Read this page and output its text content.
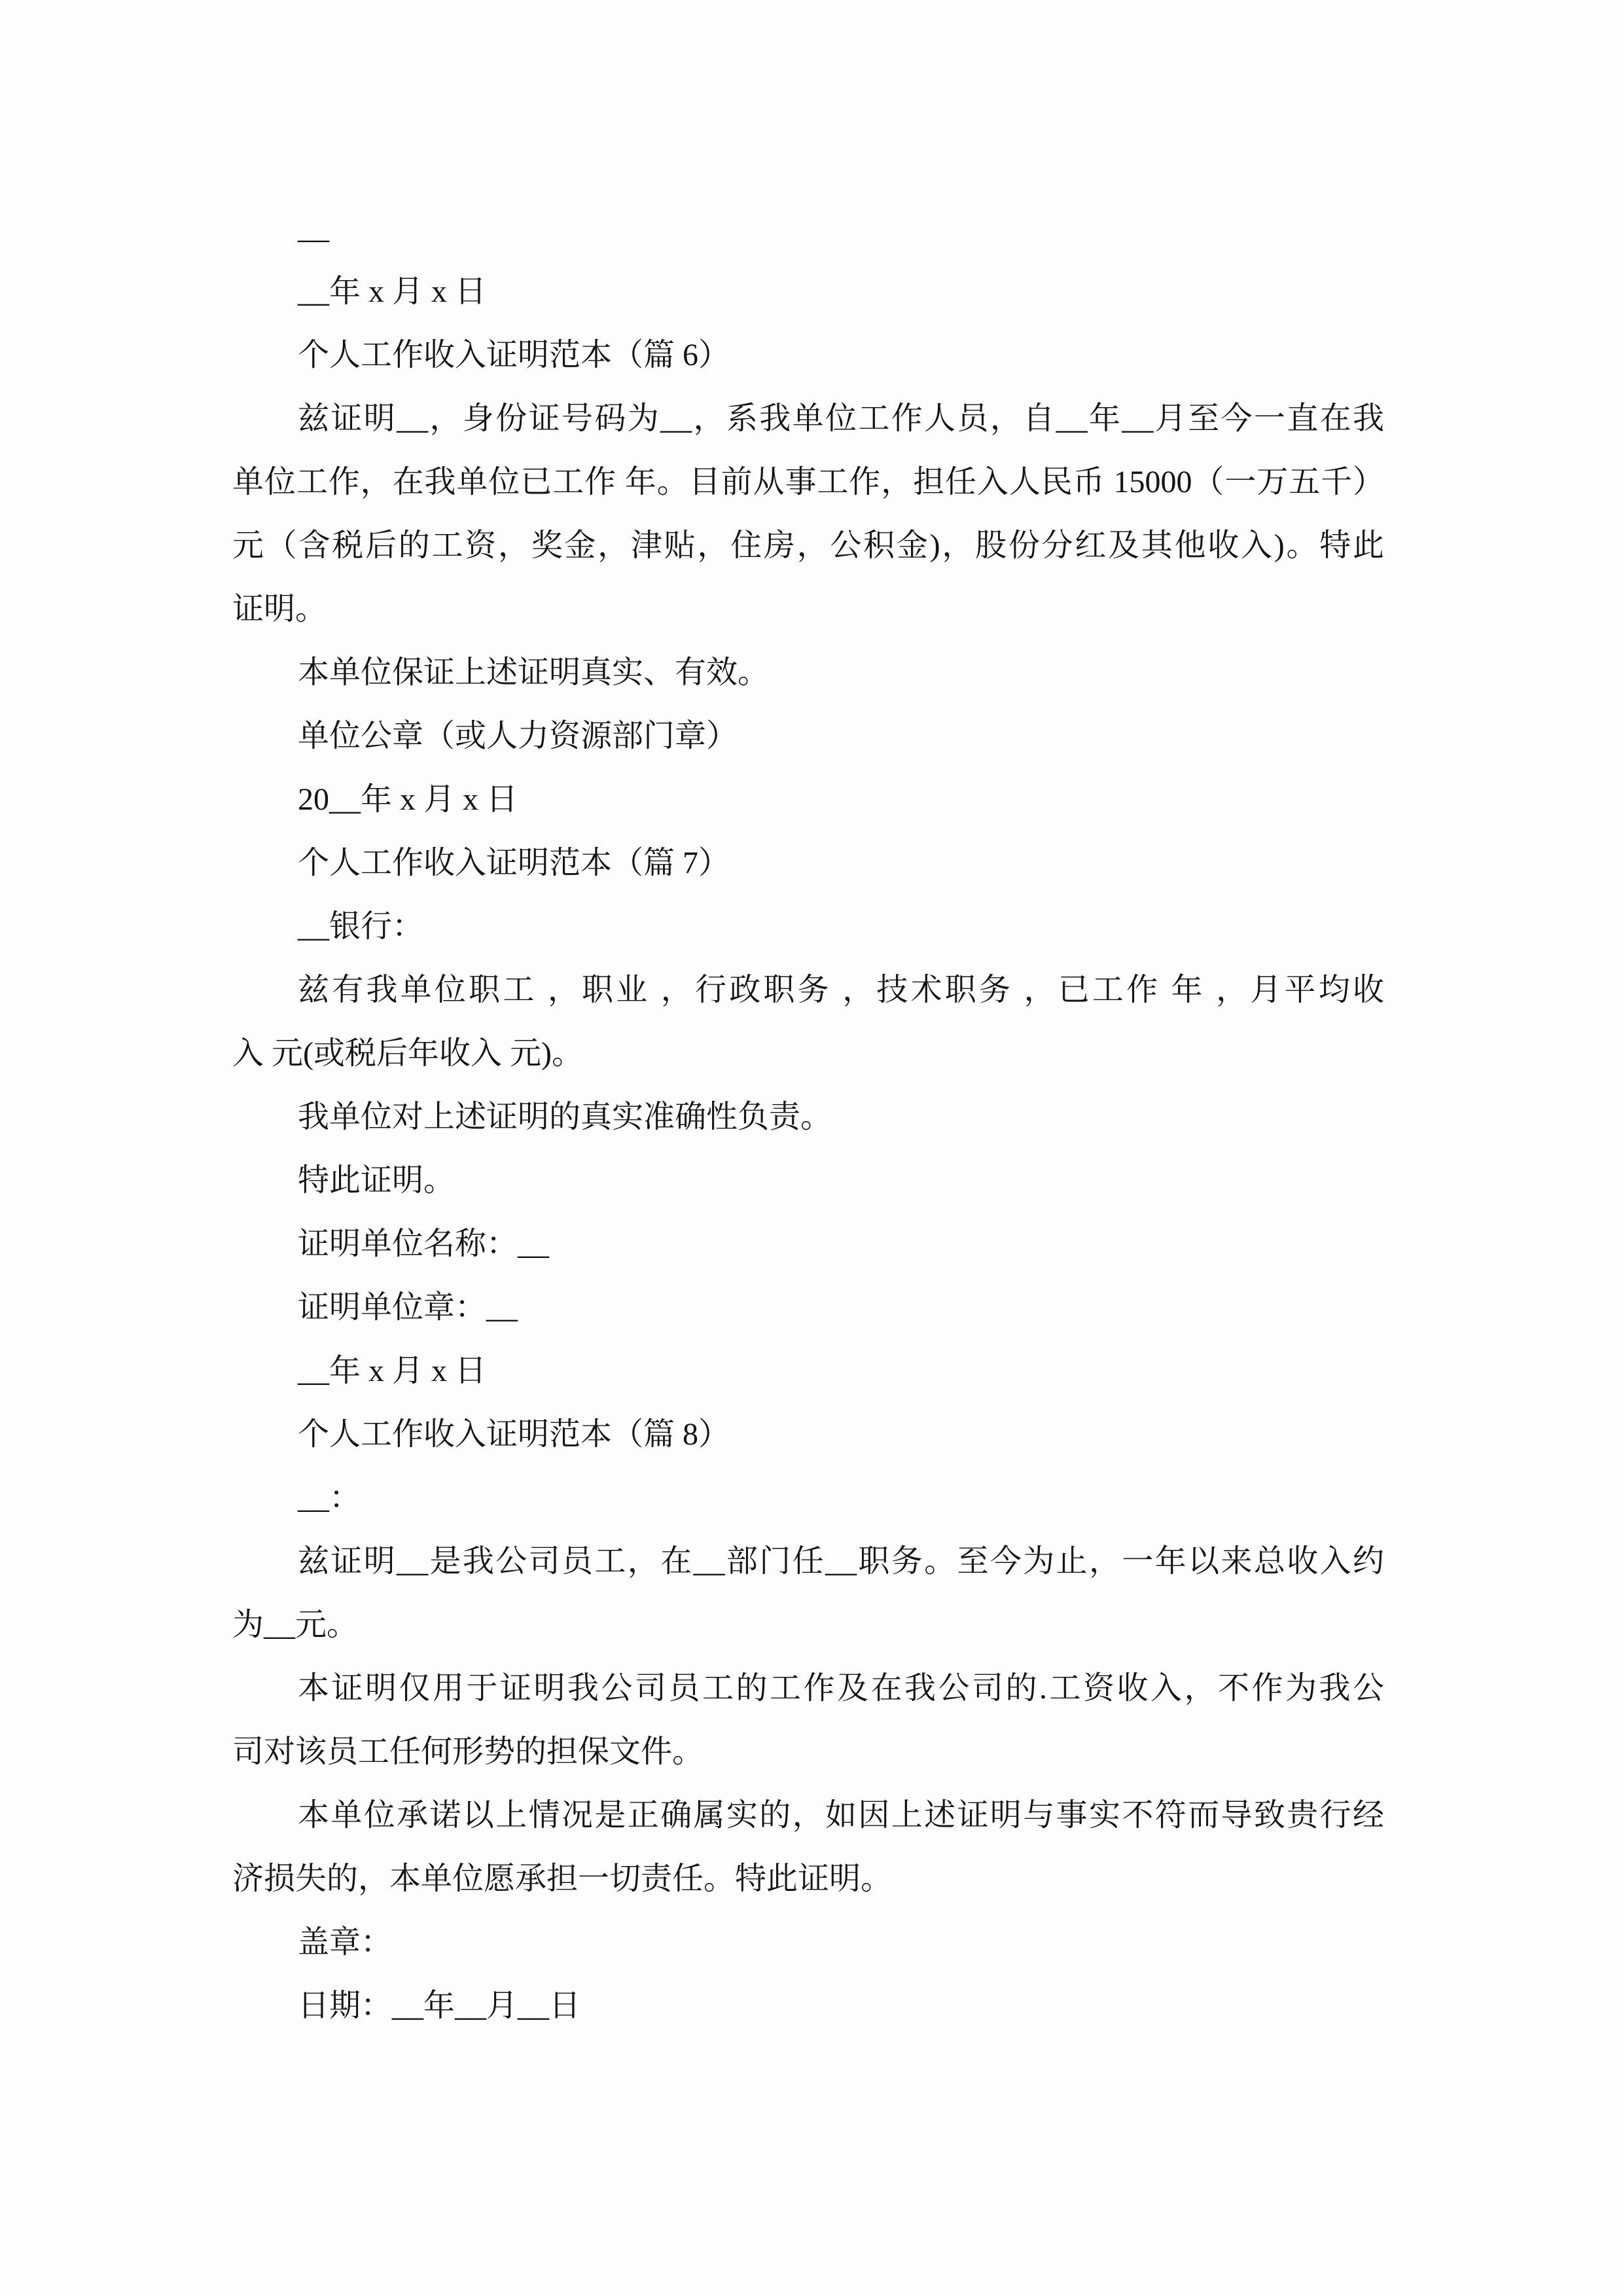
__
__年 x 月 x 日
个人工作收入证明范本（篇 6）
兹证明__，身份证号码为__，系我单位工作人员，自__年__月至今一直在我
单位工作，在我单位已工作 年。目前从事工作，担任入人民币 15000（一万五千）
元（含税后的工资，奖金，津贴，住房，公积金)，股份分红及其他收入)。特此
证明。
本单位保证上述证明真实、有效。
单位公章（或人力资源部门章）
20__年 x 月 x 日
个人工作收入证明范本（篇 7）
__银行：
兹有我单位职工 ，职业 ，行政职务 ，技术职务 ，已工作 年 ，月平均收
入 元(或税后年收入 元)。
我单位对上述证明的真实准确性负责。
特此证明。
证明单位名称：__
证明单位章：__
__年 x 月 x 日
个人工作收入证明范本（篇 8）
__：
兹证明__是我公司员工，在__部门任__职务。至今为止，一年以来总收入约
为__元。
本证明仅用于证明我公司员工的工作及在我公司的.工资收入，不作为我公
司对该员工任何形势的担保文件。
本单位承诺以上情况是正确属实的，如因上述证明与事实不符而导致贵行经
济损失的，本单位愿承担一切责任。特此证明。
盖章：
日期：__年__月__日
